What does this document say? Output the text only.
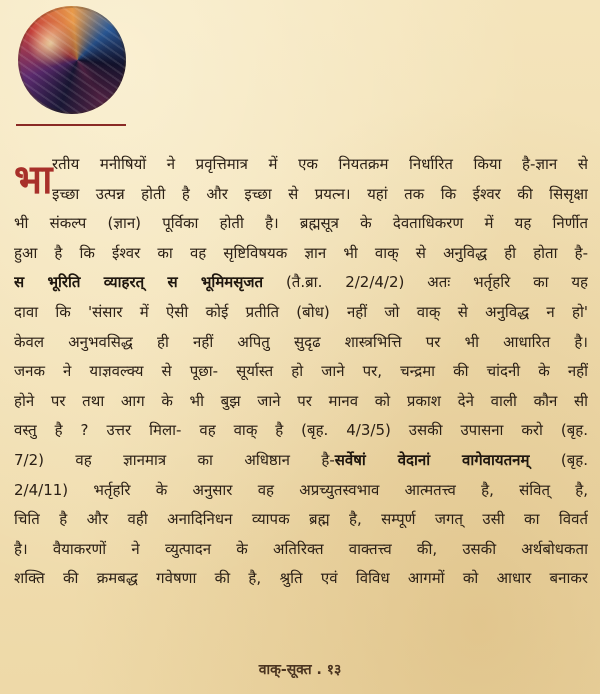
भा रतीय मनीषियों ने प्रवृत्तिमात्र में एक नियतक्रम निर्धारित किया है-ज्ञान से
इच्छा उत्पन्न होती है और इच्छा से प्रयत्न। यहां तक कि ईश्वर की सिसृक्षा
भी संकल्प (ज्ञान) पूर्विका होती है। ब्रह्मसूत्र के देवताधिकरण में यह निर्णीत
हुआ है कि ईश्वर का वह सृष्टिविषयक ज्ञान भी वाक् से अनुविद्ध ही होता है-
स भूरिति व्याहरत् स भूमिमसृजत (तै.ब्रा. 2/2/4/2) अतः भर्तृहरि का यह
दावा कि 'संसार में ऐसी कोई प्रतीति (बोध) नहीं जो वाक् से अनुविद्ध न हो'
केवल अनुभवसिद्ध ही नहीं अपितु सुदृढ शास्त्रभित्ति पर भी आधारित है।
जनक ने याज्ञवल्क्य से पूछा- सूर्यास्त हो जाने पर, चन्द्रमा की चांदनी के नहीं
होने पर तथा आग के भी बुझ जाने पर मानव को प्रकाश देने वाली कौन सी
वस्तु है ? उत्तर मिला- वह वाक् है (बृह. 4/3/5) उसकी उपासना करो (बृह.
7/2) वह ज्ञानमात्र का अधिष्ठान है-सर्वेषां वेदानां वागेवायतनम् (बृह.
2/4/11) भर्तृहरि के अनुसार वह अप्रच्युतस्वभाव आत्मतत्त्व है, संवित् है,
चिति है और वही अनादिनिधन व्यापक ब्रह्म है, सम्पूर्ण जगत् उसी का विवर्त
है। वैयाकरणों ने व्युत्पादन के अतिरिक्त वाक्तत्त्व की, उसकी अर्थबोधकता
शक्ति की क्रमबद्ध गवेषणा की है, श्रुति एवं विविध आगमों को आधार बनाकर
वाक्-सूक्त . १३
